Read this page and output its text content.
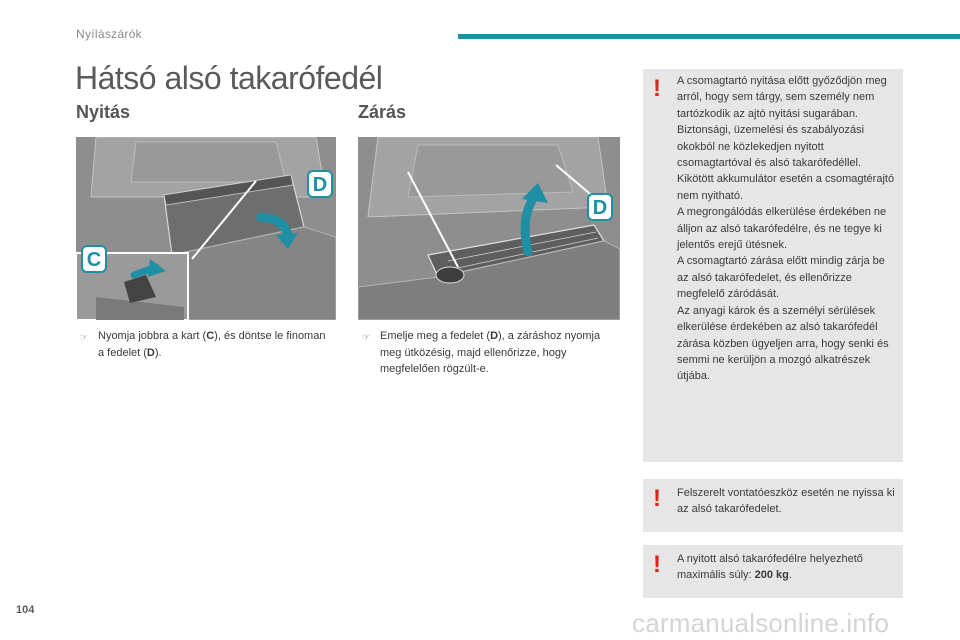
Nyílászárók
Hátsó alsó takarófedél
Nyitás	Zárás
D
C
D
☞ Nyomja jobbra a kart (C), és döntse le finoman a fedelet (D).
☞ Emelje meg a fedelet (D), a záráshoz nyomja meg ütközésig, majd ellenőrizze, hogy megfelelően rögzült-e.
! A csomagtartó nyitása előtt győződjön meg arról, hogy sem tárgy, sem személy nem tartózkodik az ajtó nyitási sugarában.

Biztonsági, üzemelési és szabályozási okokból ne közlekedjen nyitott csomagtartóval és alsó takarófedéllel.

Kikötött akkumulátor esetén a csomagtérajtó nem nyitható.

A megrongálódás elkerülése érdekében ne álljon az alsó takarófedélre, és ne tegye ki jelentős erejű ütésnek.

A csomagtartó zárása előtt mindig zárja be az alsó takarófedelet, és ellenőrizze megfelelő záródását.

Az anyagi károk és a személyi sérülések elkerülése érdekében az alsó takarófedél zárása közben ügyeljen arra, hogy senki és semmi ne kerüljön a mozgó alkatrészek útjába.

! Felszerelt vontatóeszköz esetén ne nyissa ki az alsó takarófedelet.
! A nyitott alsó takarófedélre helyezhető maximális súly: 200 kg.
104	carmanualsonline.info
